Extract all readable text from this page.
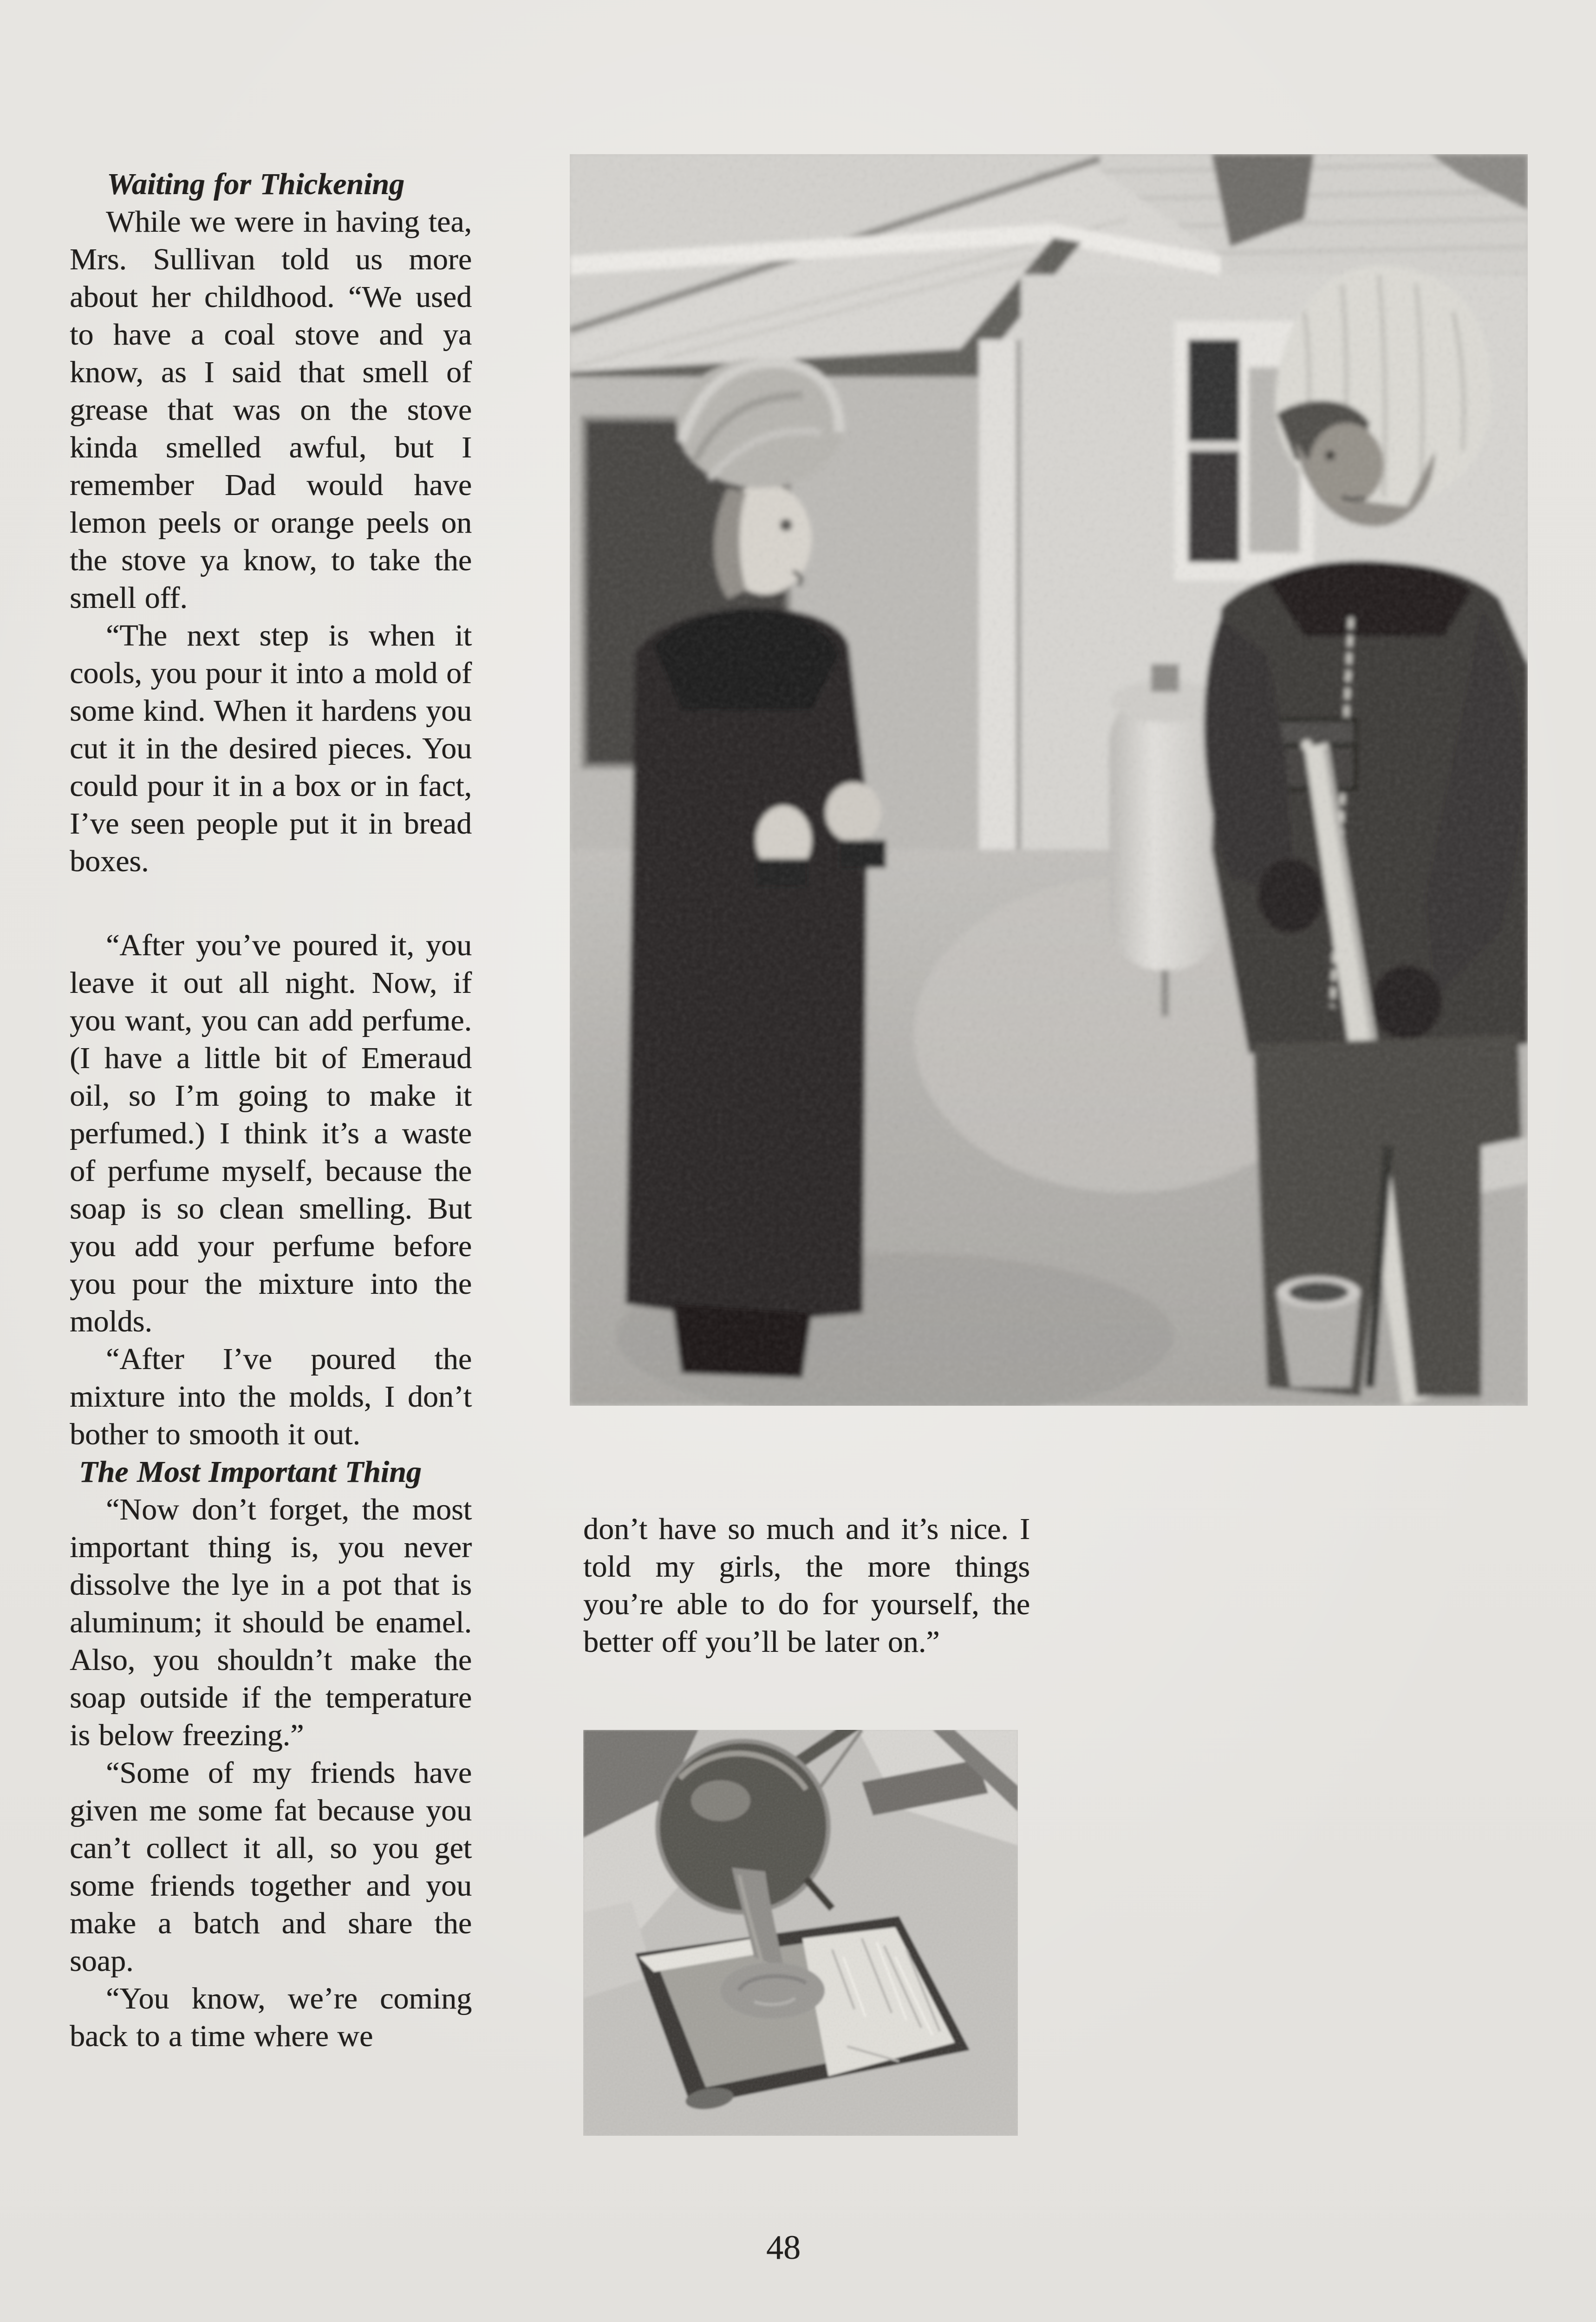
Waiting for Thickening

While we were in having tea, Mrs. Sullivan told us more about her childhood. “We used to have a coal stove and ya know, as I said that smell of grease that was on the stove kinda smelled awful, but I remember Dad would have lemon peels or orange peels on the stove ya know, to take the smell off.

“The next step is when it cools, you pour it into a mold of some kind. When it hardens you cut it in the desired pieces. You could pour it in a box or in fact, I’ve seen people put it in bread boxes.

“After you’ve poured it, you leave it out all night. Now, if you want, you can add perfume. (I have a little bit of Emeraud oil, so I’m going to make it perfumed.) I think it’s a waste of perfume myself, because the soap is so clean smelling. But you add your perfume before you pour the mixture into the molds.

“After I’ve poured the mixture into the molds, I don’t bother to smooth it out.

The Most Important Thing

“Now don’t forget, the most important thing is, you never dissolve the lye in a pot that is aluminum; it should be enamel. Also, you shouldn’t make the soap outside if the temperature is below freezing.”

“Some of my friends have given me some fat because you can’t collect it all, so you get some friends together and you make a batch and share the soap.

“You know, we’re coming back to a time where we

don’t have so much and it’s nice. I told my girls, the more things you’re able to do for yourself, the better off you’ll be later on.”

48
